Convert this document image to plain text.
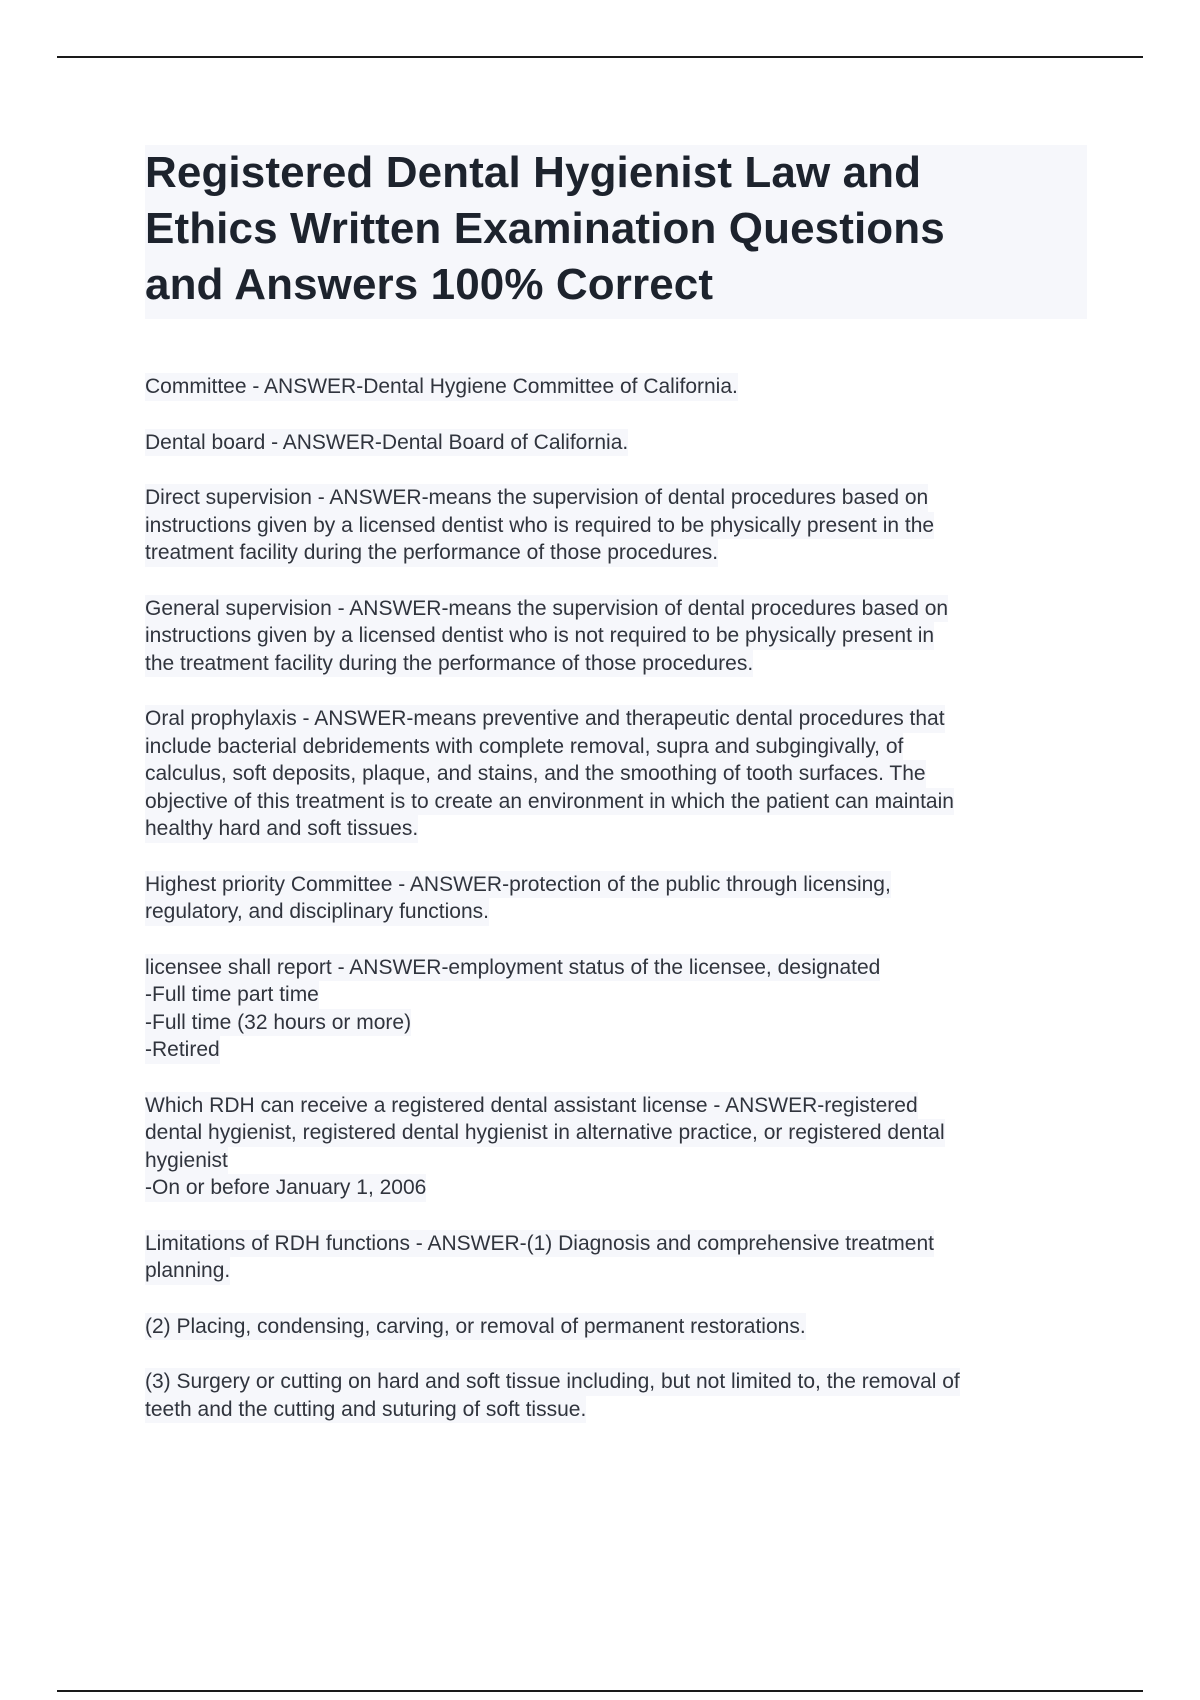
Registered Dental Hygienist Law and
Ethics Written Examination Questions
and Answers 100% Correct

Committee - ANSWER-Dental Hygiene Committee of California.

Dental board - ANSWER-Dental Board of California.

Direct supervision - ANSWER-means the supervision of dental procedures based on
instructions given by a licensed dentist who is required to be physically present in the
treatment facility during the performance of those procedures.

General supervision - ANSWER-means the supervision of dental procedures based on
instructions given by a licensed dentist who is not required to be physically present in
the treatment facility during the performance of those procedures.

Oral prophylaxis - ANSWER-means preventive and therapeutic dental procedures that
include bacterial debridements with complete removal, supra and subgingivally, of
calculus, soft deposits, plaque, and stains, and the smoothing of tooth surfaces. The
objective of this treatment is to create an environment in which the patient can maintain
healthy hard and soft tissues.

Highest priority Committee - ANSWER-protection of the public through licensing,
regulatory, and disciplinary functions.

licensee shall report - ANSWER-employment status of the licensee, designated
-Full time part time
-Full time (32 hours or more)
-Retired

Which RDH can receive a registered dental assistant license - ANSWER-registered
dental hygienist, registered dental hygienist in alternative practice, or registered dental
hygienist
-On or before January 1, 2006

Limitations of RDH functions - ANSWER-(1) Diagnosis and comprehensive treatment
planning.

(2) Placing, condensing, carving, or removal of permanent restorations.

(3) Surgery or cutting on hard and soft tissue including, but not limited to, the removal of
teeth and the cutting and suturing of soft tissue.
